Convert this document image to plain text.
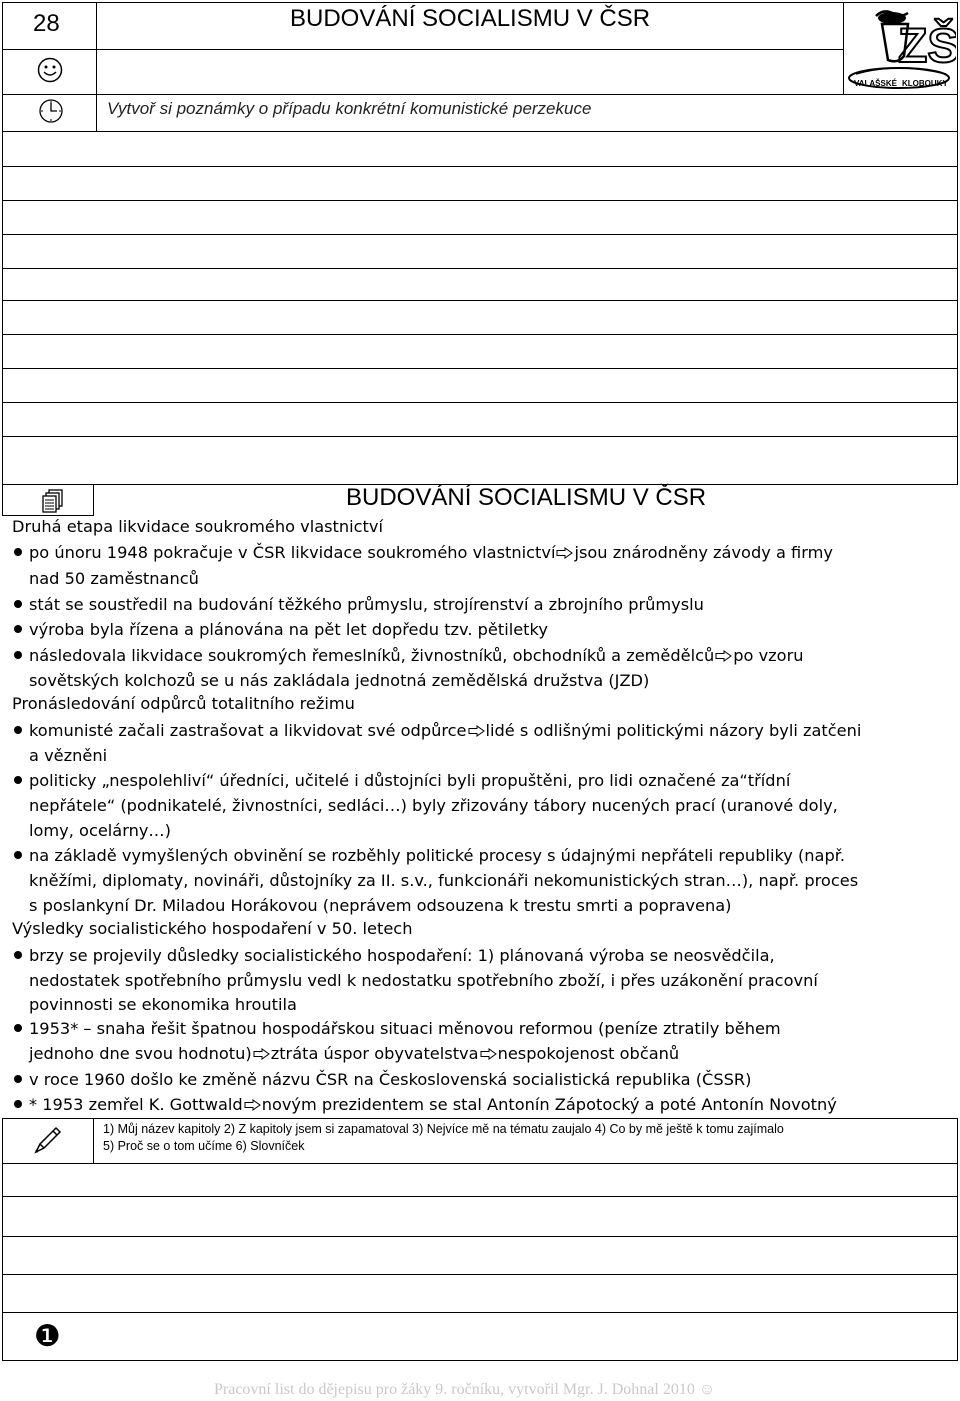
28	BUDOVÁNÍ SOCIALISMU V ČSR
ZŠ
VALAŠSKÉ KLOBOUKY
Vytvoř si poznámky o případu konkrétní komunistické perzekuce
BUDOVÁNÍ SOCIALISMU V ČSR
Druhá etapa likvidace soukromého vlastnictví
po únoru 1948 pokračuje v ČSR likvidace soukromého vlastnictví jsou znárodněny závody a firmy
nad 50 zaměstnanců
stát se soustředil na budování těžkého průmyslu, strojírenství a zbrojního průmyslu
výroba byla řízena a plánována na pět let dopředu tzv. pětiletky
následovala likvidace soukromých řemeslníků, živnostníků, obchodníků a zemědělců po vzoru
sovětských kolchozů se u nás zakládala jednotná zemědělská družstva (JZD)
Pronásledování odpůrců totalitního režimu
komunisté začali zastrašovat a likvidovat své odpůrce lidé s odlišnými politickými názory byli zatčeni
a vězněni
politicky „nespolehliví“ úředníci, učitelé i důstojníci byli propuštěni, pro lidi označené za“třídní
nepřátele“ (podnikatelé, živnostníci, sedláci…) byly zřizovány tábory nucených prací (uranové doly,
lomy, ocelárny…)
na základě vymyšlených obvinění se rozběhly politické procesy s údajnými nepřáteli republiky (např.
kněžími, diplomaty, novináři, důstojníky za II. s.v., funkcionáři nekomunistických stran…), např. proces
s poslankyní Dr. Miladou Horákovou (neprávem odsouzena k trestu smrti a popravena)
Výsledky socialistického hospodaření v 50. letech
brzy se projevily důsledky socialistického hospodaření: 1) plánovaná výroba se neosvědčila,
nedostatek spotřebního průmyslu vedl k nedostatku spotřebního zboží, i přes uzákonění pracovní
povinnosti se ekonomika hroutila
1953* – snaha řešit špatnou hospodářskou situaci měnovou reformou (peníze ztratily během
jednoho dne svou hodnotu) ztráta úspor obyvatelstva nespokojenost občanů
v roce 1960 došlo ke změně názvu ČSR na Československá socialistická republika (ČSSR)
* 1953 zemřel K. Gottwald novým prezidentem se stal Antonín Zápotocký a poté Antonín Novotný
1) Můj název kapitoly 2) Z kapitoly jsem si zapamatoval 3) Nejvíce mě na tématu zaujalo 4) Co by mě ještě k tomu zajímalo
5) Proč se o tom učíme 6) Slovníček
❶
Pracovní list do dějepisu pro žáky 9. ročníku, vytvořil Mgr. J. Dohnal 2010 ☺
